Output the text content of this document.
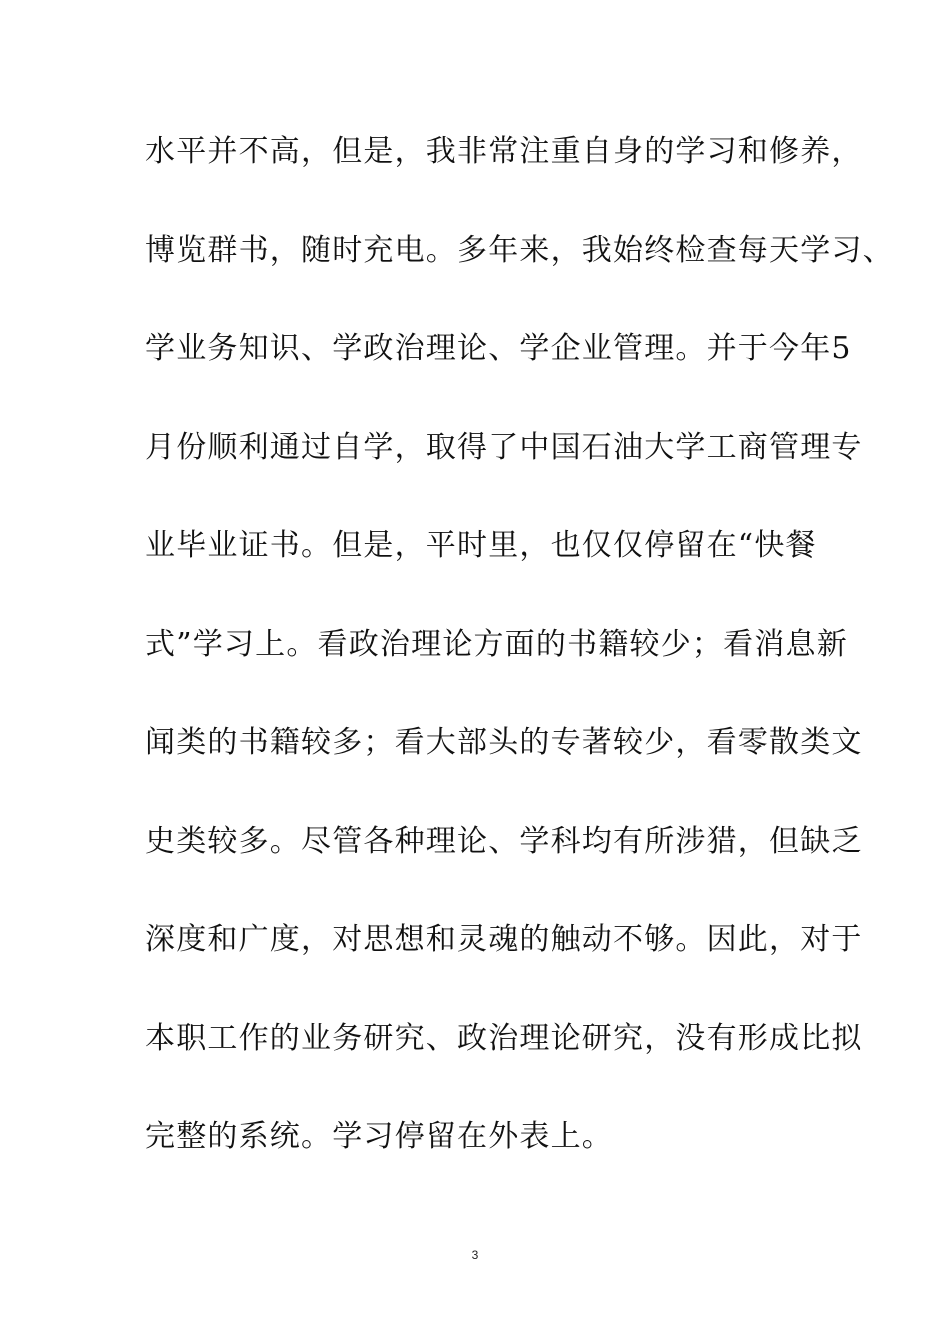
水平并不高，但是，我非常注重自身的学习和修养，
博览群书，随时充电。多年来，我始终检查每天学习、
学业务知识、学政治理论、学企业管理。并于今年5
月份顺利通过自学，取得了中国石油大学工商管理专
业毕业证书。但是，平时里，也仅仅停留在“快餐
式”学习上。看政治理论方面的书籍较少；看消息新
闻类的书籍较多；看大部头的专著较少，看零散类文
史类较多。尽管各种理论、学科均有所涉猎，但缺乏
深度和广度，对思想和灵魂的触动不够。因此，对于
本职工作的业务研究、政治理论研究，没有形成比拟
完整的系统。学习停留在外表上。
3
